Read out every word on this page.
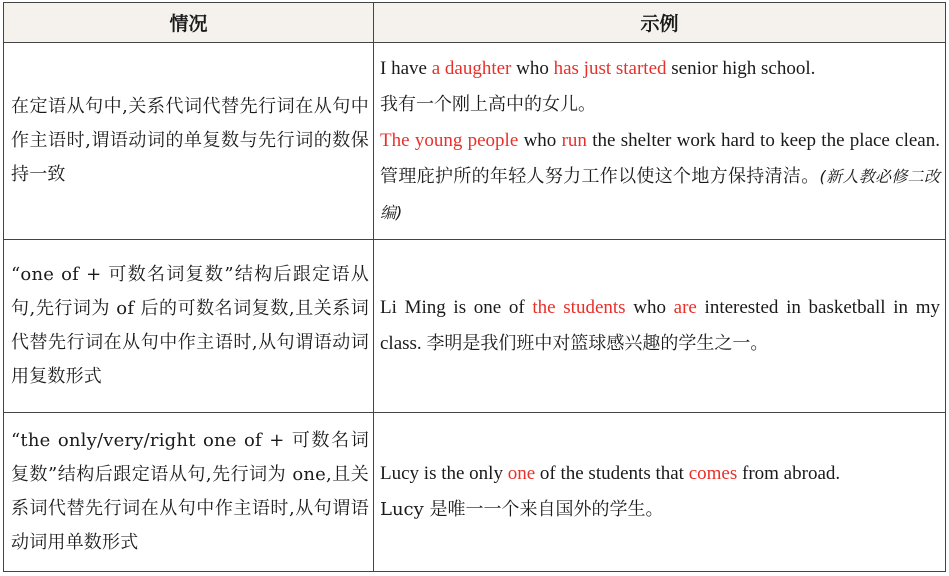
情况	示例
在定语从句中,关系代词代替先行词在从句中作主语时,谓语动词的单复数与先行词的数保持一致	I have a daughter who has just started senior high school.
我有一个刚上高中的女儿。
The young people who run the shelter work hard to keep the place clean. 管理庇护所的年轻人努力工作以使这个地方保持清洁。(新人教必修二改编)

“one of + 可数名词复数”结构后跟定语从句,先行词为 of 后的可数名词复数,且关系词代替先行词在从句中作主语时,从句谓语动词用复数形式	Li Ming is one of the students who are interested in basketball in my class. 李明是我们班中对篮球感兴趣的学生之一。
“the only/very/right one of + 可数名词复数”结构后跟定语从句,先行词为 one,且关系词代替先行词在从句中作主语时,从句谓语动词用单数形式	Lucy is the only one of the students that comes from abroad.
Lucy 是唯一一个来自国外的学生。
